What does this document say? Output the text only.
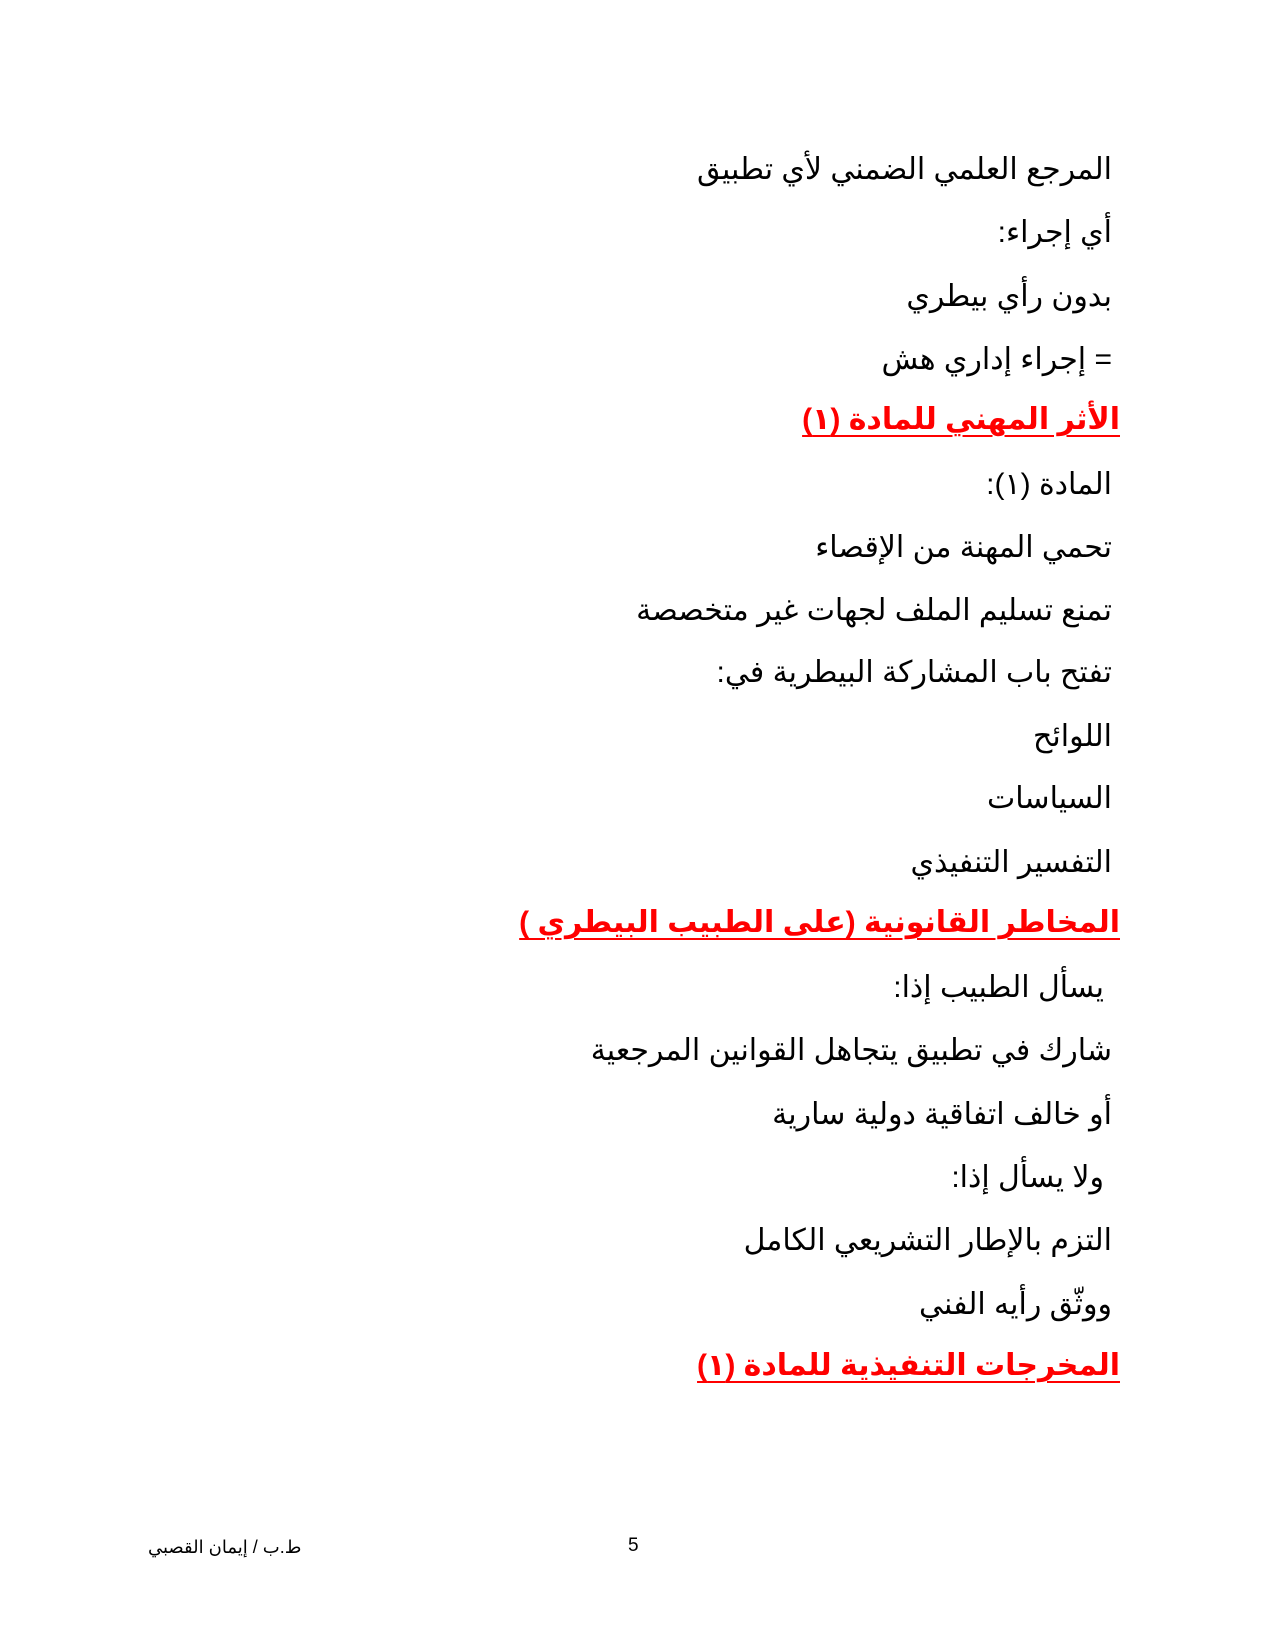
المرجع العلمي الضمني لأي تطبيق
أي إجراء:
بدون رأي بيطري
= إجراء إداري هش
الأثر المهني للمادة (١)
المادة (١):
تحمي المهنة من الإقصاء
تمنع تسليم الملف لجهات غير متخصصة
تفتح باب المشاركة البيطرية في:
اللوائح
السياسات
التفسير التنفيذي
المخاطر القانونية (على الطبيب البيطري )
يسأل الطبيب إذا:
شارك في تطبيق يتجاهل القوانين المرجعية
أو خالف اتفاقية دولية سارية
ولا يسأل إذا:
التزم بالإطار التشريعي الكامل
ووثّق رأيه الفني
المخرجات التنفيذية للمادة (١)
ط.ب / إيمان القصبي	5
